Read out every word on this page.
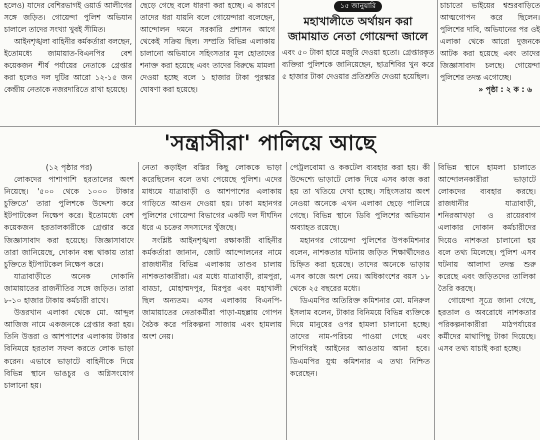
হলেও) যাদের বেশিরভাগই ওয়ার্ড আলীগের সঙ্গে জড়িত। গোয়েন্দা পুলিশ অভিযান চালালে তাদের সংখ্যা খুবই সীমিত।

আইনশৃঙ্খলা বাহিনীর কর্মকর্তারা বলছেন, ইতোমধ্যে জামায়াত-বিএনপির বেশ কয়েকজন শীর্ষ পর্যায়ের নেতাকে গ্রেপ্তার করা হলেও দল দুটির আরো ১২-১৫ জন কেন্দ্রীয় নেতাকে নজরদারিতে রাখা হয়েছে।

ছেড়ে গেছে বলে ধারণা করা হচ্ছে। এ কারণে তাদের ধরা যায়নি বলে গোয়েন্দারা বলেছেন, আন্দোলন দমনে সরকারি প্রশাসন আগে থেকেই সক্রিয় ছিল। সম্প্রতি বিভিন্ন এলাকায় চালানো অভিযানে সহিংসতার মূল হোতাদের শনাক্ত করা হয়েছে এবং তাদের বিরুদ্ধে মামলা দেওয়া হচ্ছে বলে ১ হাজার টাকা পুরস্কার ঘোষণা করা হয়েছে।

১৫ জানুয়ারি
মহাখালীতে অর্থায়ন করা জামায়াত নেতা গোয়েন্দা জালে

এবং ৫০ টাকা হারে মজুরি দেওয়া হতো। গ্রেপ্তারকৃত ব্যক্তিরা পুলিশকে জানিয়েছেন, ছাত্রশিবির খুন করে ৫ হাজার টাকা দেওয়ার প্রতিশ্রুতি দেওয়া হয়েছিল।

চাচাতো ভাইয়ের শ্বশুরবাড়িতে আত্মগোপন করে ছিলেন। পুলিশের দাবি, অভিযানের পর ওই এলাকা থেকে আরো দুজনকে আটক করা হয়েছে এবং তাদের জিজ্ঞাসাবাদ চলছে। গোয়েন্দা পুলিশের তদন্ত এগোচ্ছে।

» পৃষ্ঠা : ২ ক : ৬
'সন্ত্রাসীরা' পালিয়ে আছে

(১২ পৃষ্ঠার পর)

লোকদের পাশাপাশি হরতালের অংশ নিয়েছে। '৫০০ থেকে ১০০০ টাকার চুক্তিতে' তারা পুলিশকে উদ্দেশ্য করে ইটপাটকেল নিক্ষেপ করে। ইতোমধ্যে বেশ কয়েকজন হরতালকারীকে গ্রেপ্তার করে জিজ্ঞাসাবাদ করা হয়েছে। জিজ্ঞাসাবাদে তারা জানিয়েছে, দোকান বন্ধ থাকায় তারা চুক্তিতে ইটপাটকেল নিক্ষেপ করে।

যাত্রাবাড়ীতে অনেক দোকানি জামায়াতের রাজনীতির সঙ্গে জড়িত। তারা ৮-১০ হাজার টাকায় কর্মচারী রাখে।

উত্তরখান এলাকা থেকে মো. আব্দুল আজিজ নামে একজনকে গ্রেপ্তার করা হয়। তিনি উত্তরা ও আশপাশের এলাকায় টাকার বিনিময়ে হরতাল সফল করতে লোক ভাড়া করেন। এভাবে ভাড়াটে বাহিনীকে দিয়ে বিভিন্ন স্থানে ভাঙচুর ও অগ্নিসংযোগ চালানো হয়।

নেতা কড়াইল বস্তির কিছু লোককে ভাড়া করেছিলেন বলে তথ্য পেয়েছে পুলিশ। এদের মাধ্যমে যাত্রাবাড়ী ও আশপাশের এলাকায় গাড়িতে আগুন দেওয়া হয়। ঢাকা মহানগর পুলিশের গোয়েন্দা বিভাগের একটি দল দীর্ঘদিন ধরে এ চক্রের সদস্যদের খুঁজছে।

সংশ্লিষ্ট আইনশৃঙ্খলা রক্ষাকারী বাহিনীর কর্মকর্তারা জানান, জোট আন্দোলনের নামে রাজধানীর বিভিন্ন এলাকায় তাণ্ডব চালায় নাশকতাকারীরা। এর মধ্যে যাত্রাবাড়ী, রামপুরা, বাড্ডা, মোহাম্মদপুর, মিরপুর এবং মহাখালী ছিল অন্যতম। এসব এলাকায় বিএনপি-জামায়াতের নেতাকর্মীরা পাড়া-মহল্লায় গোপন বৈঠক করে পরিকল্পনা সাজায় এবং হামলায় অংশ নেয়।

পেট্রলবোমা ও ককটেল ব্যবহার করা হয়। কী উদ্দেশ্যে ভাড়াটে লোক দিয়ে এসব কাজ করা হয় তা খতিয়ে দেখা হচ্ছে। সহিংসতায় অংশ নেওয়া অনেকে এখন এলাকা ছেড়ে পালিয়ে গেছে। বিভিন্ন স্থানে ডিবি পুলিশের অভিযান অব্যাহত রয়েছে।

মহানগর গোয়েন্দা পুলিশের উপকমিশনার বলেন, নাশকতার ঘটনায় জড়িত শিক্ষার্থীদেরও চিহ্নিত করা হয়েছে। তাদের অনেকে ভাড়ায় এসব কাজে অংশ নেয়। অধিকাংশের বয়স ১৮ থেকে ২৫ বছরের মধ্যে।

ডিএমপির অতিরিক্ত কমিশনার মো. মনিরুল ইসলাম বলেন, টাকার বিনিময়ে বিভিন্ন ব্যক্তিকে দিয়ে মানুষের ওপর হামলা চালানো হচ্ছে। তাদের নাম-পরিচয় পাওয়া গেছে এবং শিগগিরই আইনের আওতায় আনা হবে। ডিএমপির যুগ্ম কমিশনার এ তথ্য নিশ্চিত করেছেন।

বিভিন্ন স্থানে হামলা চালাতে আন্দোলনকারীরা ভাড়াটে লোকদের ব্যবহার করছে। রাজধানীর যাত্রাবাড়ী, শনিরআখড়া ও রায়েরবাগ এলাকার দোকান কর্মচারীদের দিয়েও নাশকতা চালানো হয় বলে তথ্য মিলেছে। পুলিশ এসব ঘটনায় আলাদা তদন্ত শুরু করেছে এবং জড়িতদের তালিকা তৈরি করছে।

গোয়েন্দা সূত্রে জানা গেছে, হরতাল ও অবরোধে নাশকতার পরিকল্পনাকারীরা মাঠপর্যায়ের কর্মীদের মাথাপিছু টাকা দিয়েছে। এসব তথ্য যাচাই করা হচ্ছে।
